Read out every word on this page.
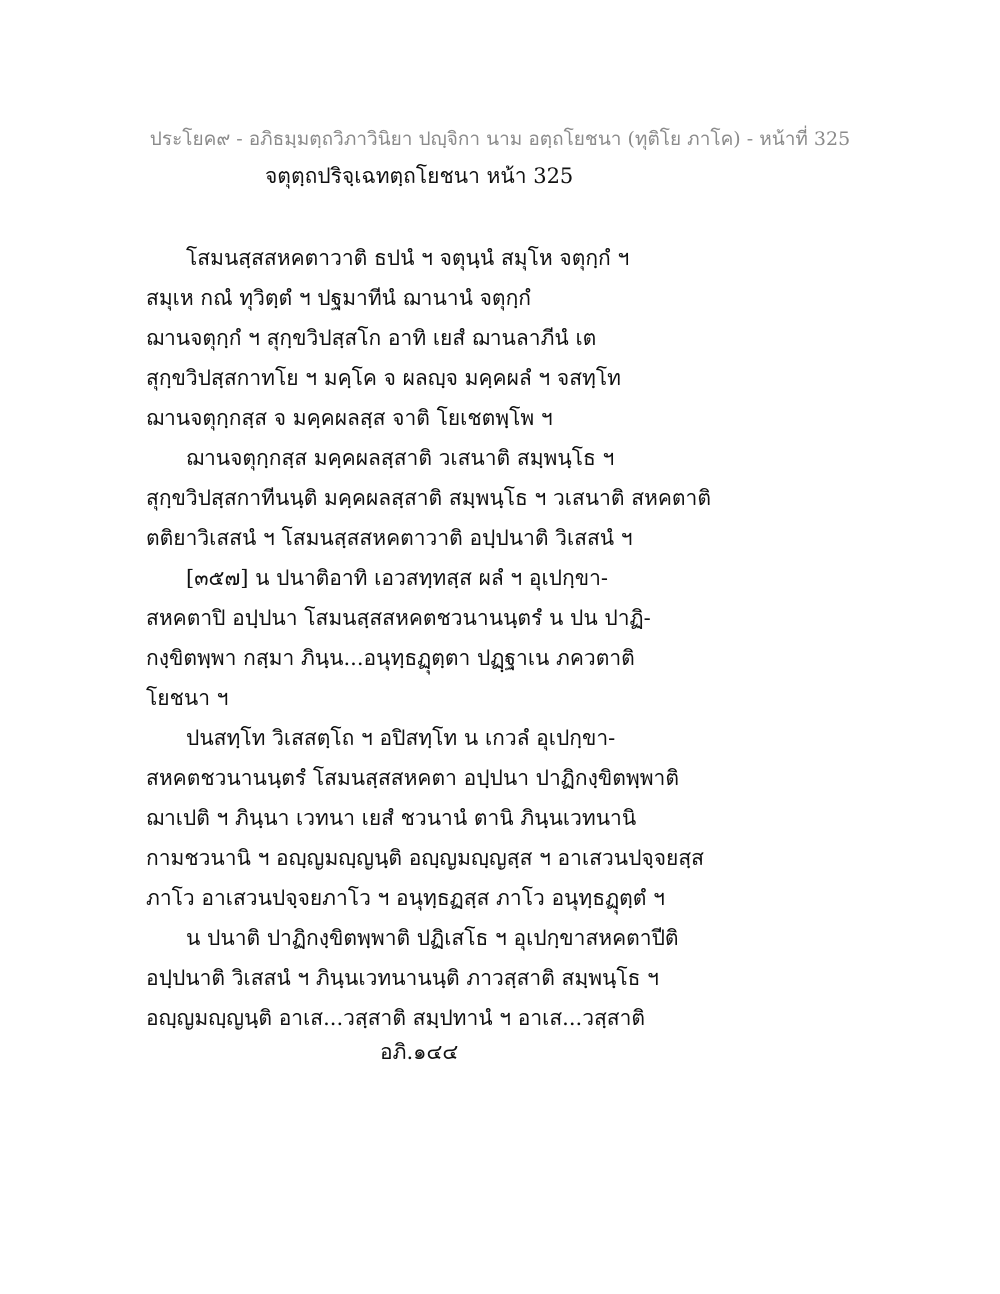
ประโยค๙ - อภิธมฺมตฺถวิภาวินิยา ปญฺจิกา นาม อตฺถโยชนา (ทุติโย ภาโค) - หน้าที่ 325
จตุตฺถปริจฺเฉทตฺถโยชนา หน้า 325
โสมนสฺสสหคตาวาติ ธปนํ ฯ จตุนฺนํ สมุโห จตุกฺกํ ฯ
สมุเห กณํ ทุวิตฺตํ ฯ ปฐมาทีนํ ฌานานํ จตุกฺกํ
ฌานจตุกฺกํ ฯ สุกฺขวิปสฺสโก อาทิ เยสํ ฌานลาภีนํ เต
สุกฺขวิปสฺสกาทโย ฯ มคฺโค จ ผลญฺจ มคฺคผลํ ฯ จสทฺโท
ฌานจตุกฺกสฺส จ มคฺคผลสฺส จาติ โยเชตพฺโพ ฯ
ฌานจตุกฺกสฺส มคฺคผลสฺสาติ วเสนาติ สมฺพนฺโธ ฯ
สุกฺขวิปสฺสกาทีนนฺติ มคฺคผลสฺสาติ สมฺพนฺโธ ฯ วเสนาติ สหคตาติ
ตติยาวิเสสนํ ฯ โสมนสฺสสหคตาวาติ อปฺปนาติ วิเสสนํ ฯ
[๓๕๗] น ปนาติอาทิ เอวสทฺทสฺส ผลํ ฯ อุเปกฺขา-
สหคตาปิ อปฺปนา โสมนสฺสสหคตชวนานนฺตรํ น ปน ปาฏิ-
กงฺขิตพฺพา กสฺมา ภินฺน...อนุทฺธฏุตฺตา ปฏฺฐาเน ภควตาติ
โยชนา ฯ
ปนสทฺโท วิเสสตฺโถ ฯ อปิสทฺโท น เกวลํ อุเปกฺขา-
สหคตชวนานนฺตรํ โสมนสฺสสหคตา อปฺปนา ปาฏิกงฺขิตพฺพาติ
ฌาเปติ ฯ ภินฺนา เวทนา เยสํ ชวนานํ ตานิ ภินฺนเวทนานิ
กามชวนานิ ฯ อญฺญมญฺญนฺติ อญฺญมญฺญสฺส ฯ อาเสวนปจฺจยสฺส
ภาโว อาเสวนปจฺจยภาโว ฯ อนุทฺธฏสฺส ภาโว อนุทฺธฏุตฺตํ ฯ
น ปนาติ ปาฏิกงฺขิตพฺพาติ ปฏิเสโธ ฯ อุเปกฺขาสหคตาปีติ
อปฺปนาติ วิเสสนํ ฯ ภินฺนเวทนานนฺติ ภาวสฺสาติ สมฺพนฺโธ ฯ
อญฺญมญฺญนฺติ อาเส...วสฺสาติ สมฺปทานํ ฯ อาเส...วสฺสาติ
อภิ.๑๔๔
